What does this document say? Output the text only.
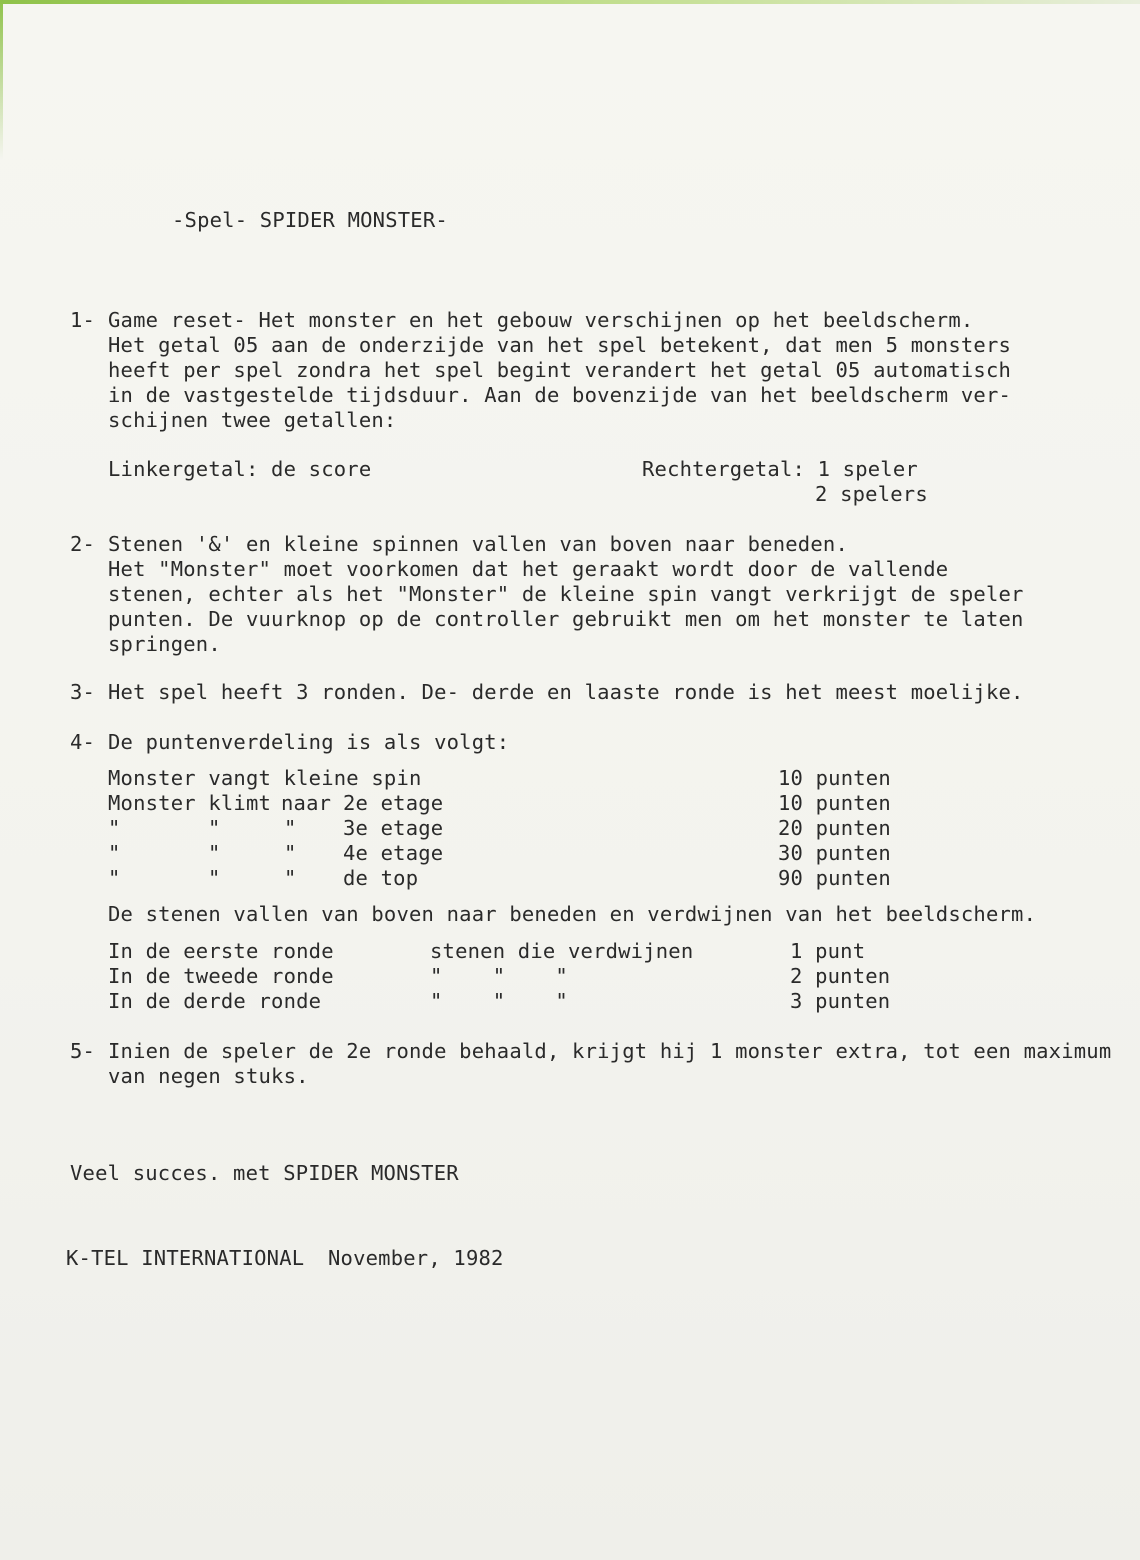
-Spel- SPIDER MONSTER-
1- Game reset- Het monster en het gebouw verschijnen op het beeldscherm.
Het getal 05 aan de onderzijde van het spel betekent, dat men 5 monsters
heeft per spel zondra het spel begint verandert het getal 05 automatisch
in de vastgestelde tijdsduur. Aan de bovenzijde van het beeldscherm ver-
schijnen twee getallen:
Linkergetal: de score	Rechtergetal: 1 speler
2 spelers
2- Stenen '&' en kleine spinnen vallen van boven naar beneden.
Het "Monster" moet voorkomen dat het geraakt wordt door de vallende
stenen, echter als het "Monster" de kleine spin vangt verkrijgt de speler
punten. De vuurknop op de controller gebruikt men om het monster te laten
springen.
3- Het spel heeft 3 ronden. De- derde en laaste ronde is het meest moelijke.
4- De puntenverdeling is als volgt:
Monster vangt kleine spin	10 punten
Monster klimt naar 2e etage	10 punten
"	"	" 3e etage	20 punten
"	"	" 4e etage	30 punten
"	"	" de top	90 punten
De stenen vallen van boven naar beneden en verdwijnen van het beeldscherm.
In de eerste ronde	stenen die verdwijnen	1 punt
In de tweede ronde	"    "    "	2 punten
In de derde ronde	"    "    "	3 punten
5- Inien de speler de 2e ronde behaald, krijgt hij 1 monster extra, tot een maximum
van negen stuks.
Veel succes. met SPIDER MONSTER
K-TEL INTERNATIONAL November, 1982
